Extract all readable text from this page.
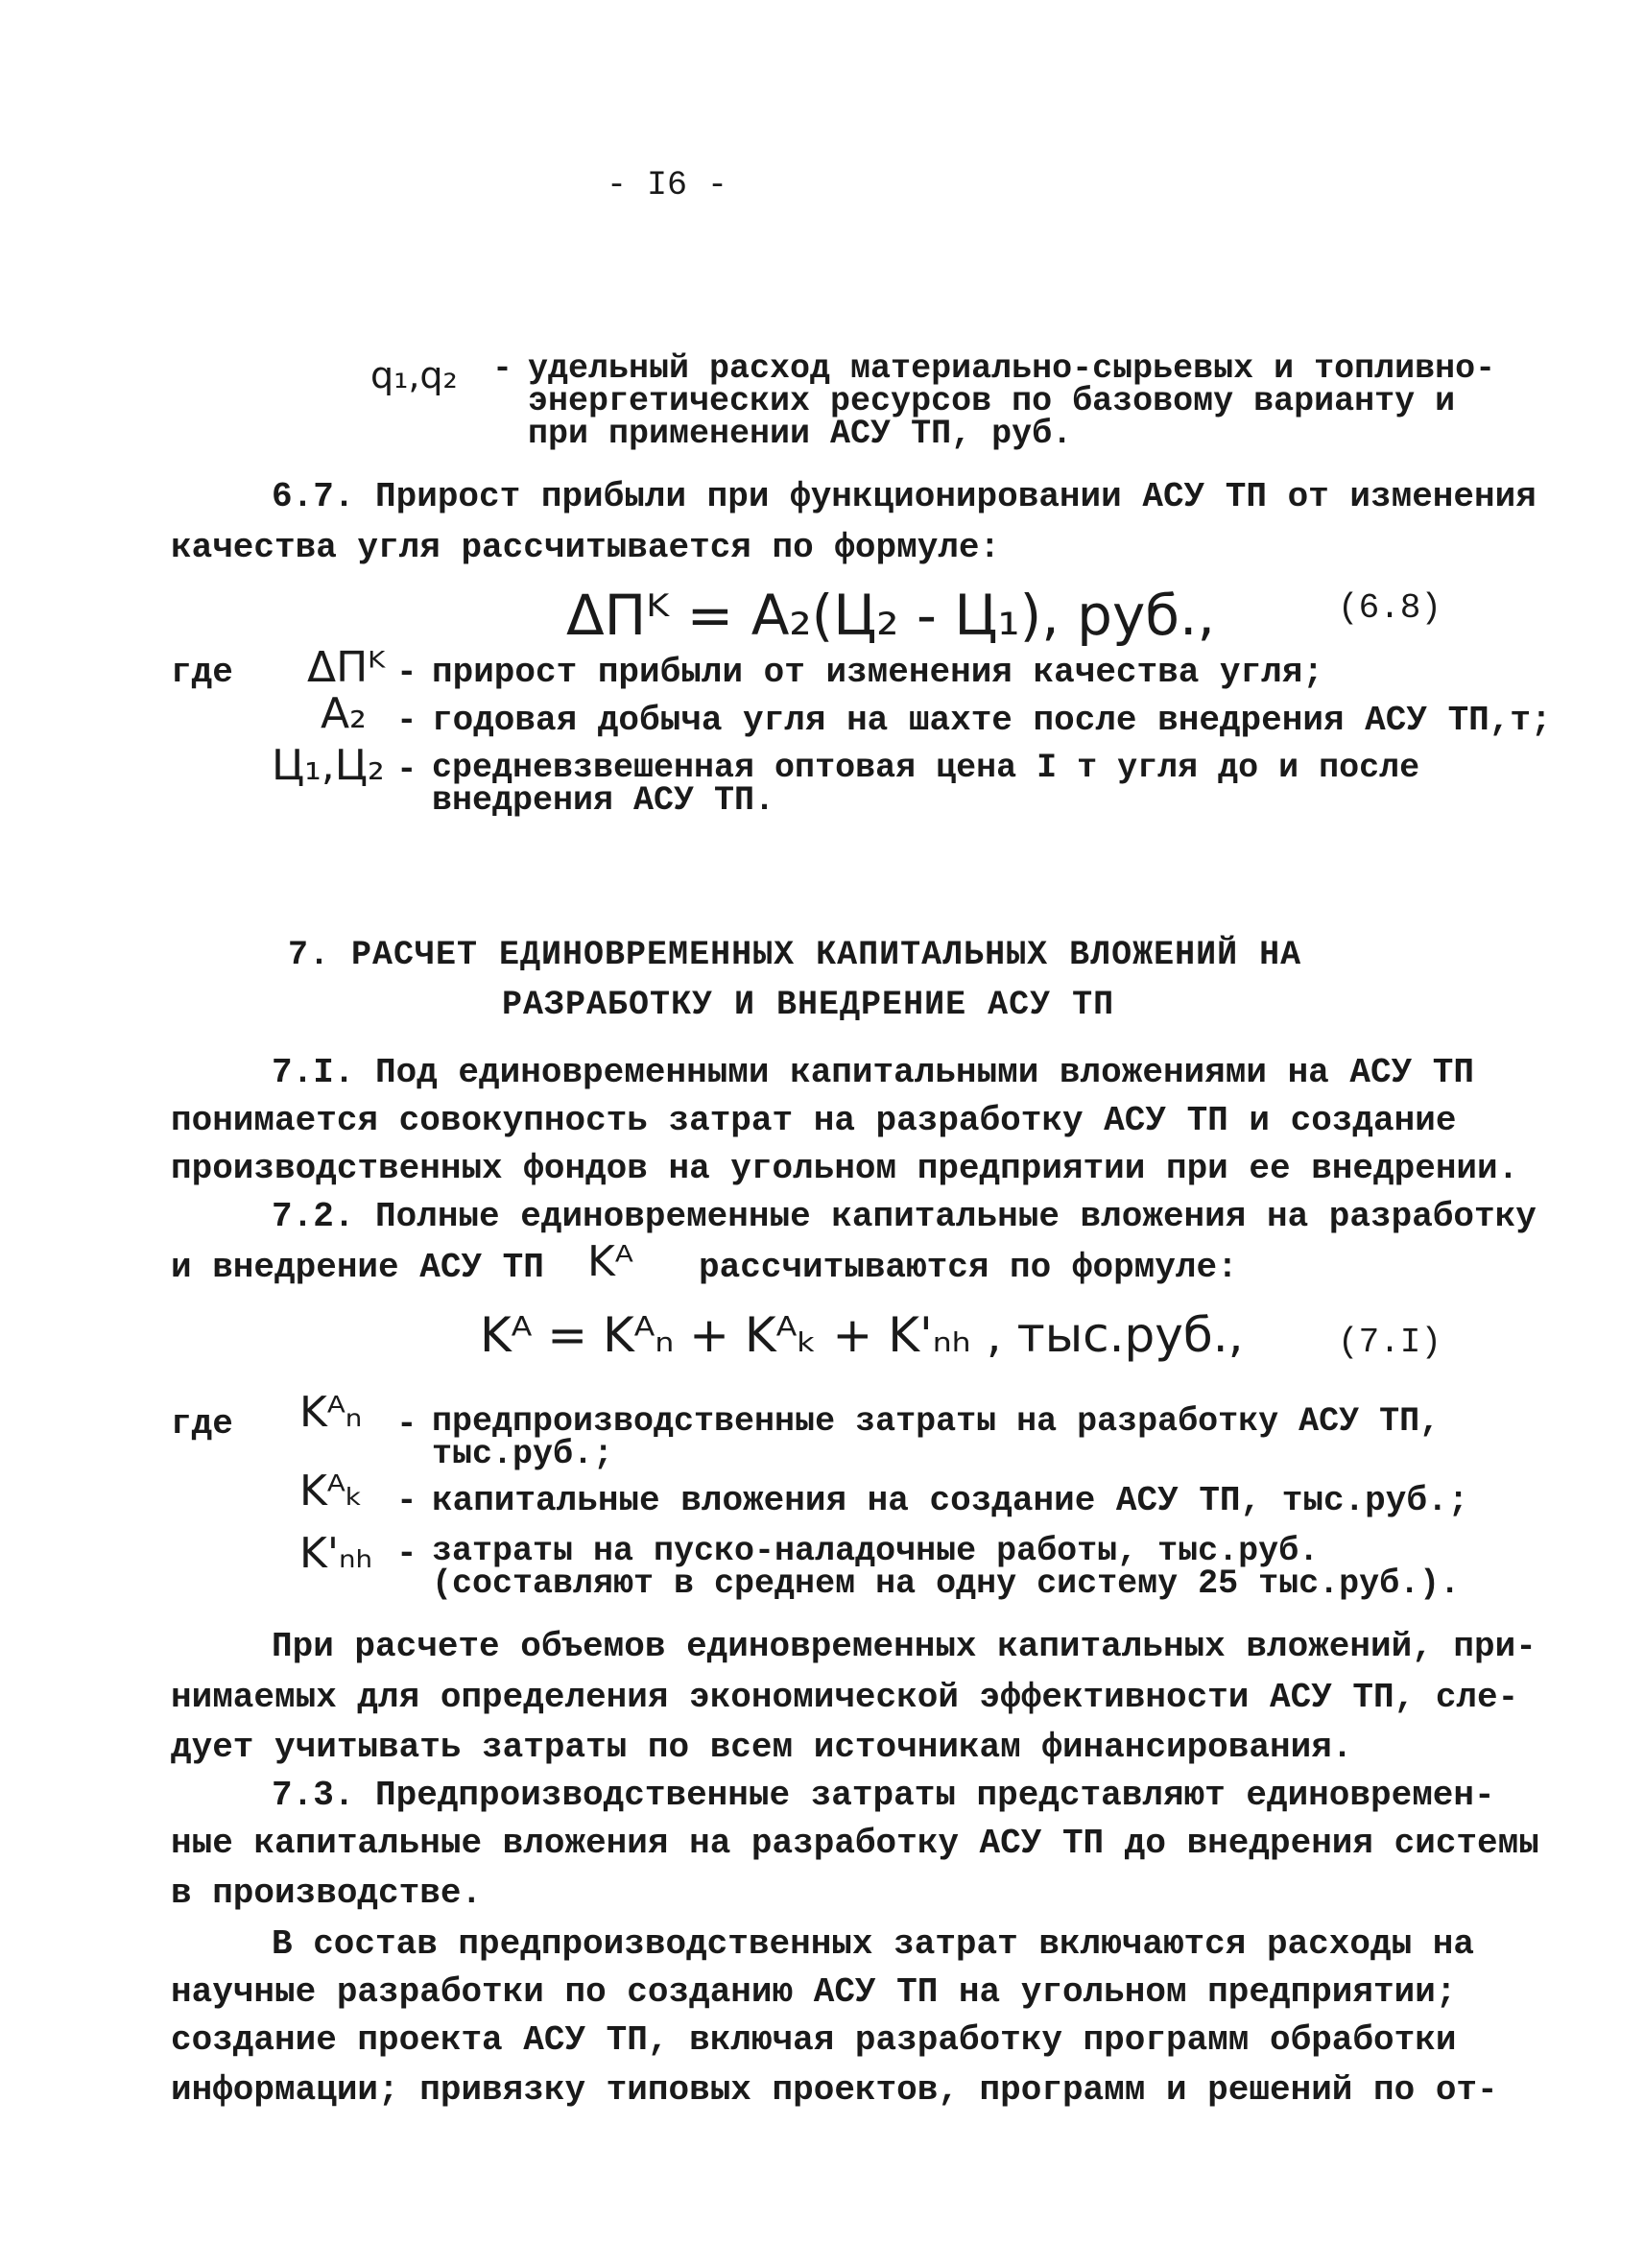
- I6 -
q₁,q₂ - удельный расход материально-сырьевых и топливно-
энергетических ресурсов по базовому варианту и
при применении АСУ ТП, руб.
6.7. Прирост прибыли при функционировании АСУ ТП от изменения
качества угля рассчитывается по формуле:
ΔПᴷ = A₂(Ц₂ - Ц₁), руб.,	(6.8)
где ΔПᴷ - прирост прибыли от изменения качества угля;
A₂ - годовая добыча угля на шахте после внедрения АСУ ТП,т;
Ц₁,Ц₂ - средневзвешенная оптовая цена I т угля до и после
внедрения АСУ ТП.
7. РАСЧЕТ ЕДИНОВРЕМЕННЫХ КАПИТАЛЬНЫХ ВЛОЖЕНИЙ НА
РАЗРАБОТКУ И ВНЕДРЕНИЕ АСУ ТП
7.I. Под единовременными капитальными вложениями на АСУ ТП
понимается совокупность затрат на разработку АСУ ТП и создание
производственных фондов на угольном предприятии при ее внедрении.
7.2. Полные единовременные капитальные вложения на разработку
и внедрение АСУ ТП Kᴬ рассчитываются по формуле:
Kᴬ = Kᴬₙ + Kᴬₖ + K'ₙₕ , тыс.руб.,	(7.I)
где Kᴬₙ - предпроизводственные затраты на разработку АСУ ТП,
тыс.руб.;
Kᴬₖ - капитальные вложения на создание АСУ ТП, тыс.руб.;
K'ₙₕ - затраты на пуско-наладочные работы, тыс.руб.
(составляют в среднем на одну систему 25 тыс.руб.).
При расчете объемов единовременных капитальных вложений, при-
нимаемых для определения экономической эффективности АСУ ТП, сле-
дует учитывать затраты по всем источникам финансирования.
7.3. Предпроизводственные затраты представляют единовремен-
ные капитальные вложения на разработку АСУ ТП до внедрения системы
в производстве.
В состав предпроизводственных затрат включаются расходы на
научные разработки по созданию АСУ ТП на угольном предприятии;
создание проекта АСУ ТП, включая разработку программ обработки
информации; привязку типовых проектов, программ и решений по от-
